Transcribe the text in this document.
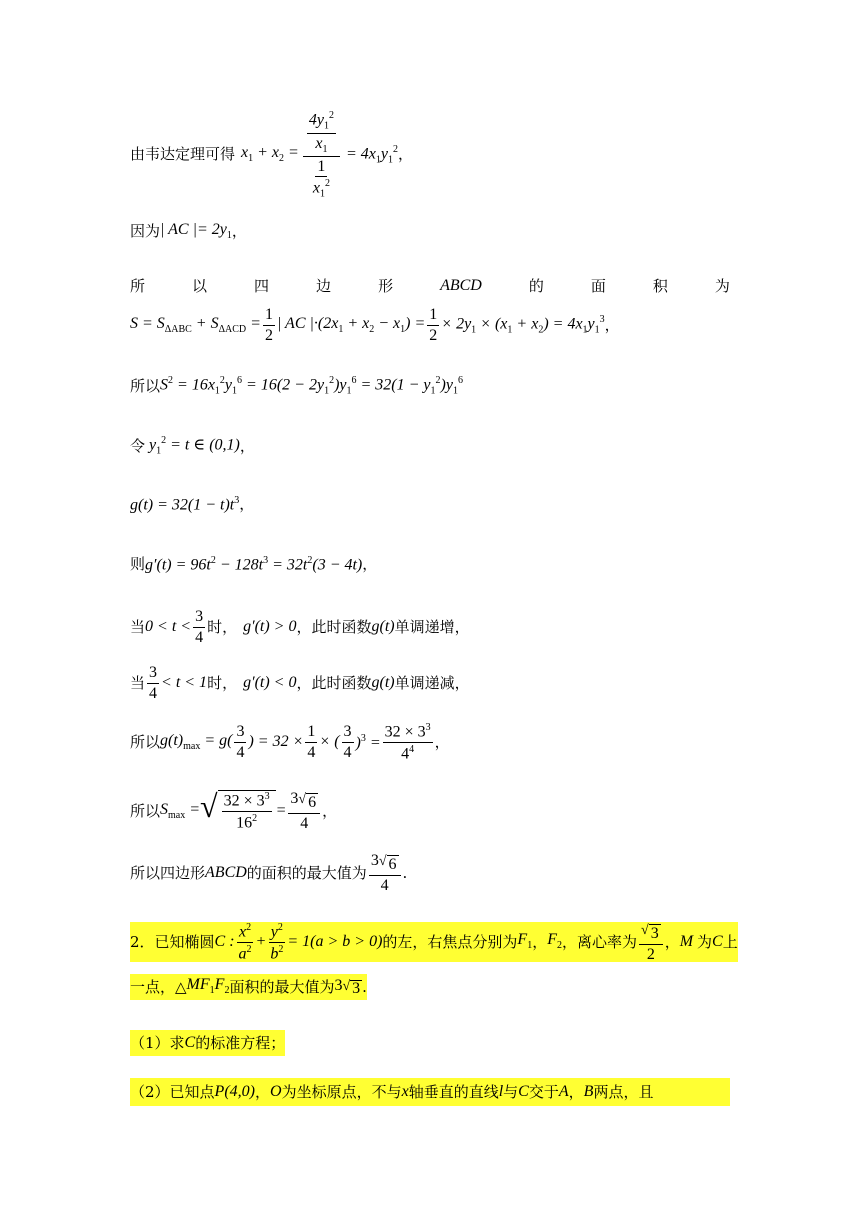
由韦达定理可得 $x_1 + x_2 = \frac{\frac{4y_1^2}{x_1}}{\frac{1}{x_1^2}} = 4x_1y_1^2$ ，
因为 | AC |= $2y_1$ ，
所	以	四	边	形	ABCD	的	面	积	为
$S = S_{\Delta ABC} + S_{\Delta ACD} = \frac{1}{2}$ | AC $|\cdot(2x_1 + x_2 - x_1) = \frac{1}{2} \times 2y_1 \times (x_1 + x_2) = 4x_1y_1^3$ ，
所以 $S^2 = 16x_1^2y_1^6 = 16(2 - 2y_1^2)y_1^6 = 32(1 - y_1^2)y_1^6$
令 $y_1^2 = t$ ∈ (0,1) ，
$g(t) = 32(1 - t)t^3$ ，
则 $g'(t) = 96t^2 - 128t^3 = 32t^2(3 - 4t)$ ，
当 $0 < t < \frac{3}{4}$ 时， g′(t) > 0 ，此时函数 g(t) 单调递增，
当 $\frac{3}{4} < t < 1$ 时， g′(t) < 0 ，此时函数 g(t) 单调递减，
所以 $g(t)_{max} = g( \frac{3}{4}$ ) = $32 \times \frac{1}{4}$ × ( $\frac{3}{4} )^3 = \frac{32 \times 3^3}{4^4}$ ，
所以 $S_{max}$ = √ $\frac{32 \times 3^3}{16^2} = \frac{3 √ 6}{4}$ ，
所以四边形 ABCD 的面积的最大值为 $\frac{3 √ 6}{4}$ .
2．已知椭圆 C : $\frac{x^2}{a^2} + \frac{y^2}{b^2} = 1(a > b > 0)$ 的左，右焦点分别为 $F_1$ ， $F_2$ ，离心率为 $\frac{√ 3}{2}$ ， M 为 C 上
一点，△ $MF_1F_2$ 面积的最大值为 3 √ 3 .
（1）求 C 的标准方程；
（2）已知点 P(4,0) ， O 为坐标原点，不与 x 轴垂直的直线 l 与 C 交于 A ， B 两点，且
